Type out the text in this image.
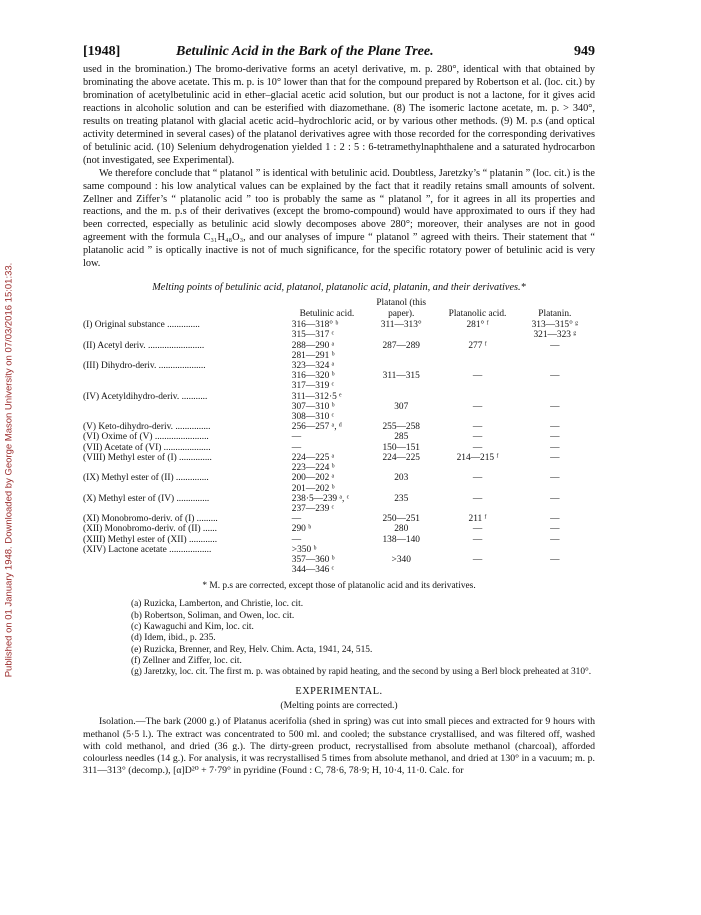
Published on 01 January 1948. Downloaded by George Mason University on 07/03/2016 15:01:33.
[1948]	Betulinic Acid in the Bark of the Plane Tree.	949

used in the bromination.) The bromo-derivative forms an acetyl derivative, m. p. 280°, identical with that obtained by brominating the above acetate. This m. p. is 10° lower than that for the compound prepared by Robertson et al. (loc. cit.) by bromination of acetylbetulinic acid in ether–glacial acetic acid solution, but our product is not a lactone, for it gives acid reactions in alcoholic solution and can be esterified with diazomethane. (8) The isomeric lactone acetate, m. p. > 340°, results on treating platanol with glacial acetic acid–hydrochloric acid, or by various other methods. (9) M. p.s (and optical activity determined in several cases) of the platanol derivatives agree with those recorded for the corresponding derivatives of betulinic acid. (10) Selenium dehydrogenation yielded 1 : 2 : 5 : 6-tetramethylnaphthalene and a saturated hydrocarbon (not investigated, see Experimental).

We therefore conclude that “ platanol ” is identical with betulinic acid. Doubtless, Jaretzky’s “ platanin ” (loc. cit.) is the same compound : his low analytical values can be explained by the fact that it readily retains small amounts of solvent. Zellner and Ziffer’s “ platanolic acid ” too is probably the same as “ platanol ”, for it agrees in all its properties and reactions, and the m. p.s of their derivatives (except the bromo-compound) would have approximated to ours if they had been corrected, especially as betulinic acid slowly decomposes above 280°; moreover, their analyses are not in good agreement with the formula C₃₁H₄₈O₃, and our analyses of impure “ platanol ” agreed with theirs. Their statement that “ platanolic acid ” is optically inactive is not of much significance, for the specific rotatory power of betulinic acid is very low.

Melting points of betulinic acid, platanol, platanolic acid, platanin, and their derivatives.*
	Betulinic acid.	Platanol (this paper).	Platanolic acid.	Platanin.
(I) Original substance ..............	316—318° ᵇ	311—313°	281° ᶠ	313—315° ᵍ
	315—317 ᶜ			321—323 ᵍ
(II) Acetyl deriv. ........................	288—290 ᵃ	287—289	277 ᶠ	—
	281—291 ᵇ			
(III) Dihydro-deriv. ....................	323—324 ᵃ			
	316—320 ᵇ	311—315	—	—
	317—319 ᶜ			
(IV) Acetyldihydro-deriv. ...........	311—312·5 ᵉ			
	307—310 ᵇ	307	—	—
	308—310 ᶜ			
(V) Keto-dihydro-deriv. ...............	256—257 ᵃ, ᵈ	255—258	—	—
(VI) Oxime of (V) .......................	—	285	—	—
(VII) Acetate of (VI) ....................	—	150—151	—	—
(VIII) Methyl ester of (I) ..............	224—225 ᵃ	224—225	214—215 ᶠ	—
	223—224 ᵇ			
(IX) Methyl ester of (II) ..............	200—202 ᵃ	203	—	—
	201—202 ᵇ			
(X) Methyl ester of (IV) ..............	238·5—239 ᵃ, ᶜ	235	—	—
	237—239 ᶜ			
(XI) Monobromo-deriv. of (I) .........	—	250—251	211 ᶠ	—
(XII) Monobromo-deriv. of (II) ......	290 ᵇ	280	—	—
(XIII) Methyl ester of (XII) ............	—	138—140	—	—
(XIV) Lactone acetate ..................	>350 ᵇ			
	357—360 ᵇ	>340	—	—
	344—346 ᶜ			
* M. p.s are corrected, except those of platanolic acid and its derivatives.

(a) Ruzicka, Lamberton, and Christie, loc. cit.

(b) Robertson, Soliman, and Owen, loc. cit.

(c) Kawaguchi and Kim, loc. cit.

(d) Idem, ibid., p. 235.

(e) Ruzicka, Brenner, and Rey, Helv. Chim. Acta, 1941, 24, 515.

(f) Zellner and Ziffer, loc. cit.

(g) Jaretzky, loc. cit. The first m. p. was obtained by rapid heating, and the second by using a Berl block preheated at 310°.

EXPERIMENTAL.
(Melting points are corrected.)

Isolation.—The bark (2000 g.) of Platanus acerifolia (shed in spring) was cut into small pieces and extracted for 9 hours with methanol (5·5 l.). The extract was concentrated to 500 ml. and cooled; the substance crystallised, and was filtered off, washed with cold methanol, and dried (36 g.). The dirty-green product, recrystallised from absolute methanol (charcoal), afforded colourless needles (14 g.). For analysis, it was recrystallised 5 times from absolute methanol, and dried at 130° in a vacuum; m. p. 311—313° (decomp.), [α]D²⁰ + 7·79° in pyridine (Found : C, 78·6, 78·9; H, 10·4, 11·0. Calc. for
